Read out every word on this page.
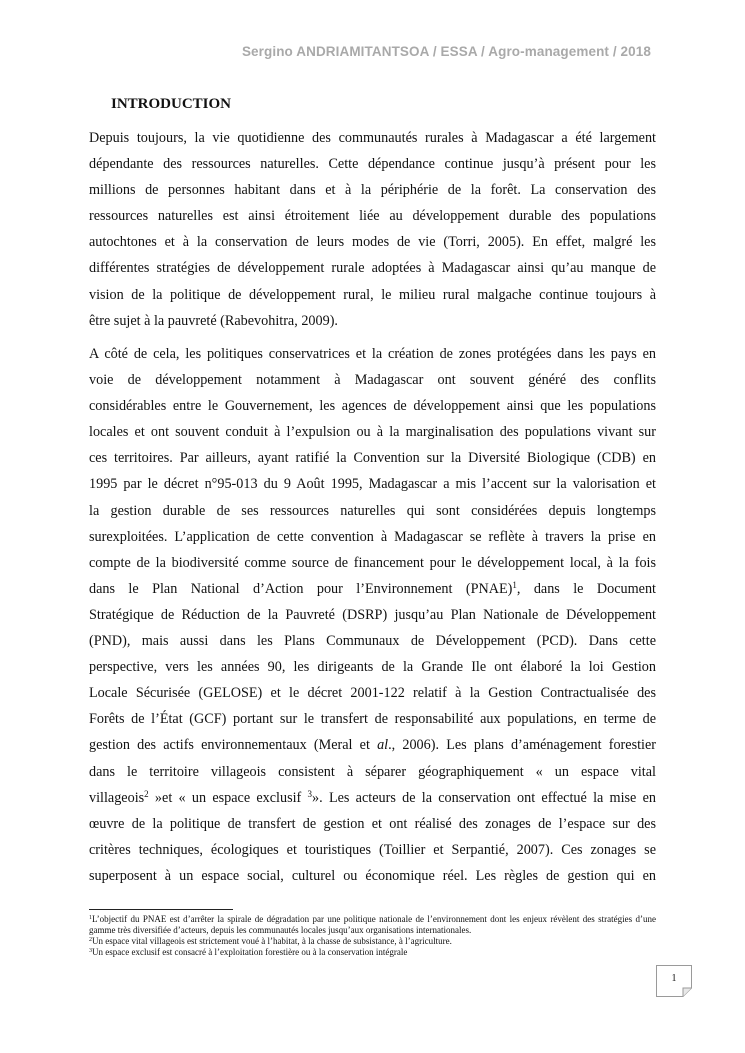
Sergino ANDRIAMITANTSOA / ESSA / Agro-management / 2018
INTRODUCTION
Depuis toujours, la vie quotidienne des communautés rurales à Madagascar a été largement
dépendante des ressources naturelles. Cette dépendance continue jusqu’à présent pour les
millions de personnes habitant dans et à la périphérie de la forêt. La conservation des
ressources naturelles est ainsi étroitement liée au développement durable des populations
autochtones et à la conservation de leurs modes de vie (Torri, 2005). En effet, malgré les
différentes stratégies de développement rurale adoptées à Madagascar ainsi qu’au manque de
vision de la politique de développement rural, le milieu rural malgache continue toujours à
être sujet à la pauvreté (Rabevohitra, 2009).
A côté de cela, les politiques conservatrices et la création de zones protégées dans les pays en
voie de développement notamment à Madagascar ont souvent généré des conflits
considérables entre le Gouvernement, les agences de développement ainsi que les populations
locales et ont souvent conduit à l’expulsion ou à la marginalisation des populations vivant sur
ces territoires. Par ailleurs, ayant ratifié la Convention sur la Diversité Biologique (CDB) en
1995 par le décret n°95-013 du 9 Août 1995, Madagascar a mis l’accent sur la valorisation et
la gestion durable de ses ressources naturelles qui sont considérées depuis longtemps
surexploitées. L’application de cette convention à Madagascar se reflète à travers la prise en
compte de la biodiversité comme source de financement pour le développement local, à la fois
dans le Plan National d’Action pour l’Environnement (PNAE)$^1$, dans le Document
Stratégique de Réduction de la Pauvreté (DSRP) jusqu’au Plan Nationale de Développement
(PND), mais aussi dans les Plans Communaux de Développement (PCD). Dans cette
perspective, vers les années 90, les dirigeants de la Grande Ile ont élaboré la loi Gestion
Locale Sécurisée (GELOSE) et le décret 2001-122 relatif à la Gestion Contractualisée des
Forêts de l’État (GCF) portant sur le transfert de responsabilité aux populations, en terme de
gestion des actifs environnementaux (Meral et al., 2006). Les plans d’aménagement forestier
dans le territoire villageois consistent à séparer géographiquement « un espace vital
villageois$^2$ »et « un espace exclusif $^3$». Les acteurs de la conservation ont effectué la mise en
œuvre de la politique de transfert de gestion et ont réalisé des zonages de l’espace sur des
critères techniques, écologiques et touristiques (Toillier et Serpantié, 2007). Ces zonages se
superposent à un espace social, culturel ou économique réel. Les règles de gestion qui en
$^1$L’objectif du PNAE est d’arrêter la spirale de dégradation par une politique nationale de l’environnement dont les enjeux révèlent des stratégies d’une gamme très diversifiée d’acteurs, depuis les communautés locales jusqu’aux organisations internationales.
$^2$Un espace vital villageois est strictement voué à l’habitat, à la chasse de subsistance, à l’agriculture.
$^3$Un espace exclusif est consacré à l’exploitation forestière ou à la conservation intégrale
1
